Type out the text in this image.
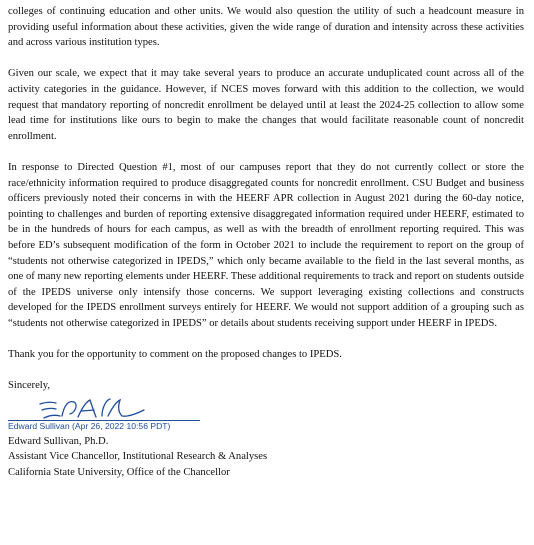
colleges of continuing education and other units. We would also question the utility of such a headcount measure in providing useful information about these activities, given the wide range of duration and intensity across these activities and across various institution types.

Given our scale, we expect that it may take several years to produce an accurate unduplicated count across all of the activity categories in the guidance. However, if NCES moves forward with this addition to the collection, we would request that mandatory reporting of noncredit enrollment be delayed until at least the 2024-25 collection to allow some lead time for institutions like ours to begin to make the changes that would facilitate reasonable count of noncredit enrollment.

In response to Directed Question #1, most of our campuses report that they do not currently collect or store the race/ethnicity information required to produce disaggregated counts for noncredit enrollment. CSU Budget and business officers previously noted their concerns in with the HEERF APR collection in August 2021 during the 60-day notice, pointing to challenges and burden of reporting extensive disaggregated information required under HEERF, estimated to be in the hundreds of hours for each campus, as well as with the breadth of enrollment reporting required. This was before ED’s subsequent modification of the form in October 2021 to include the requirement to report on the group of “students not otherwise categorized in IPEDS,” which only became available to the field in the last several months, as one of many new reporting elements under HEERF. These additional requirements to track and report on students outside of the IPEDS universe only intensify those concerns. We support leveraging existing collections and constructs developed for the IPEDS enrollment surveys entirely for HEERF. We would not support addition of a grouping such as “students not otherwise categorized in IPEDS” or details about students receiving support under HEERF in IPEDS.

Thank you for the opportunity to comment on the proposed changes to IPEDS.

Sincerely,

Edward Sullivan (Apr 26, 2022 10:56 PDT)

Edward Sullivan, Ph.D.

Assistant Vice Chancellor, Institutional Research & Analyses

California State University, Office of the Chancellor
